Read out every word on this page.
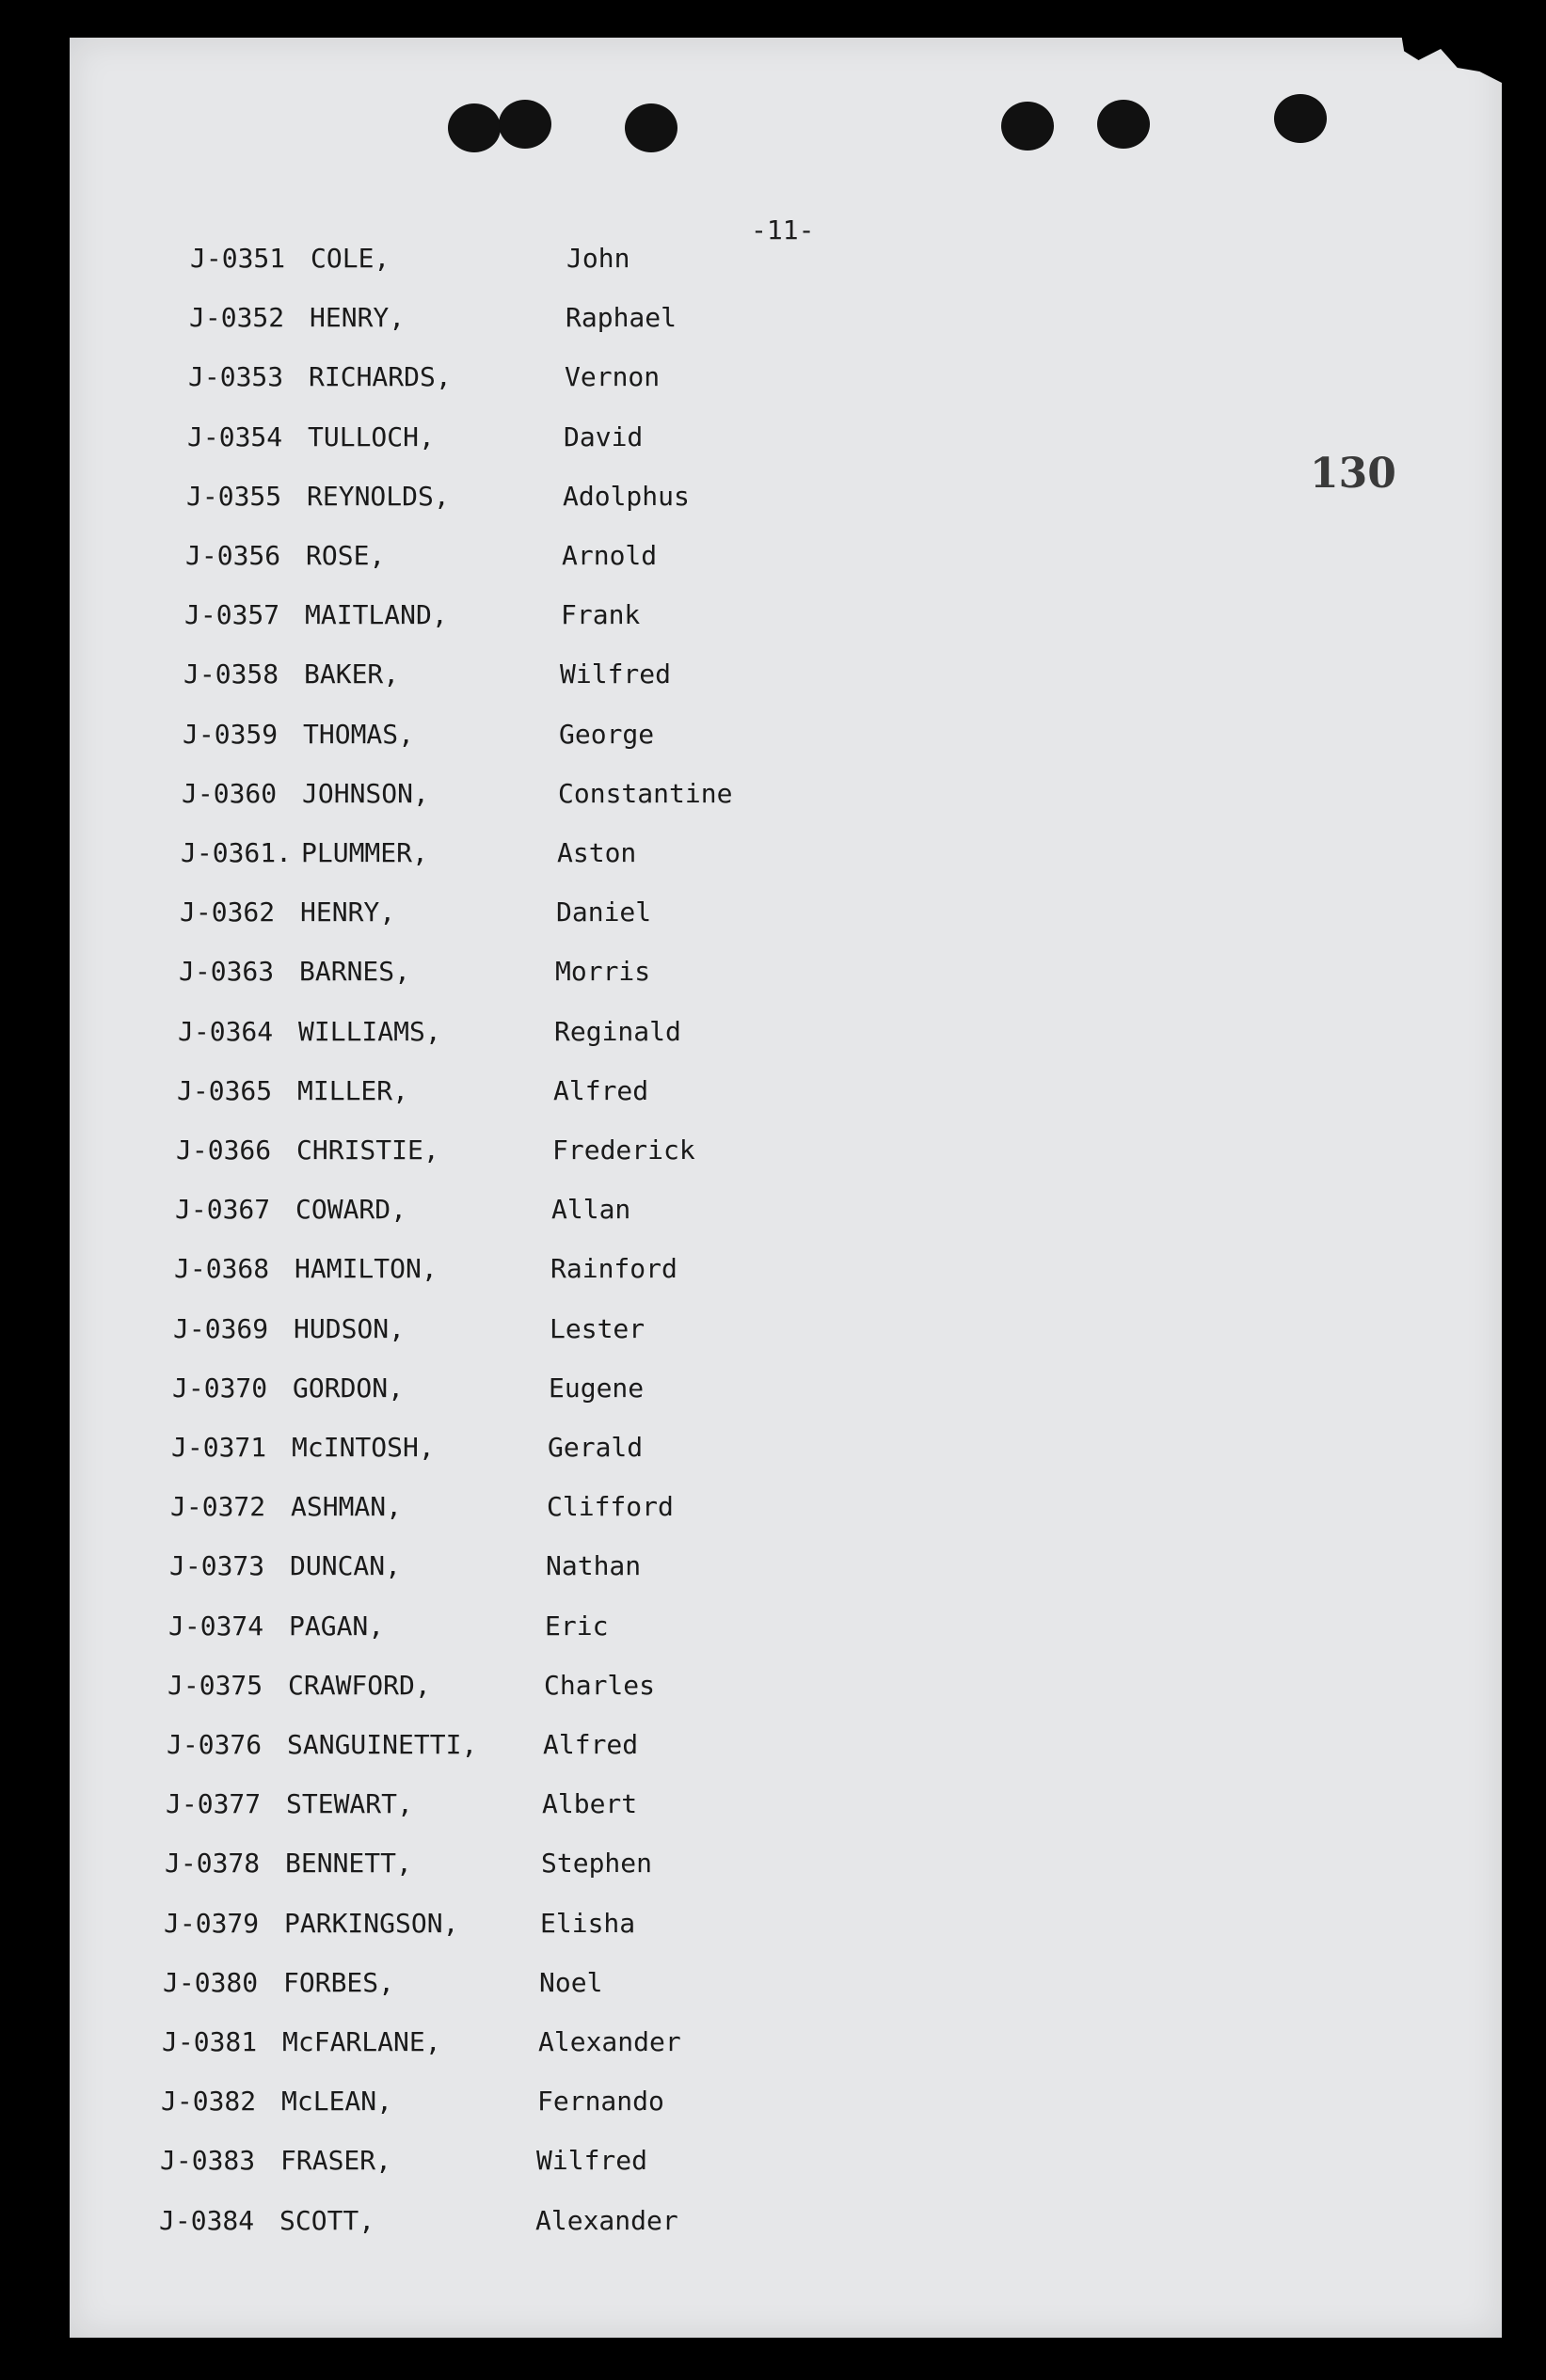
-11-
130
J-0351 COLE,	John
J-0352 HENRY,	Raphael
J-0353 RICHARDS,	Vernon
J-0354 TULLOCH,	David
J-0355 REYNOLDS,	Adolphus
J-0356 ROSE,	Arnold
J-0357 MAITLAND,	Frank
J-0358 BAKER,	Wilfred
J-0359 THOMAS,	George
J-0360 JOHNSON,	Constantine
J-0361. PLUMMER,	Aston
J-0362 HENRY,	Daniel
J-0363 BARNES,	Morris
J-0364 WILLIAMS,	Reginald
J-0365 MILLER,	Alfred
J-0366 CHRISTIE,	Frederick
J-0367 COWARD,	Allan
J-0368 HAMILTON,	Rainford
J-0369 HUDSON,	Lester
J-0370 GORDON,	Eugene
J-0371 McINTOSH,	Gerald
J-0372 ASHMAN,	Clifford
J-0373 DUNCAN,	Nathan
J-0374 PAGAN,	Eric
J-0375 CRAWFORD,	Charles
J-0376 SANGUINETTI, Alfred
J-0377 STEWART,	Albert
J-0378 BENNETT,	Stephen
J-0379 PARKINGSON,	Elisha
J-0380 FORBES,	Noel
J-0381 McFARLANE,	Alexander
J-0382 McLEAN,	Fernando
J-0383 FRASER,	Wilfred
J-0384 SCOTT,	Alexander
